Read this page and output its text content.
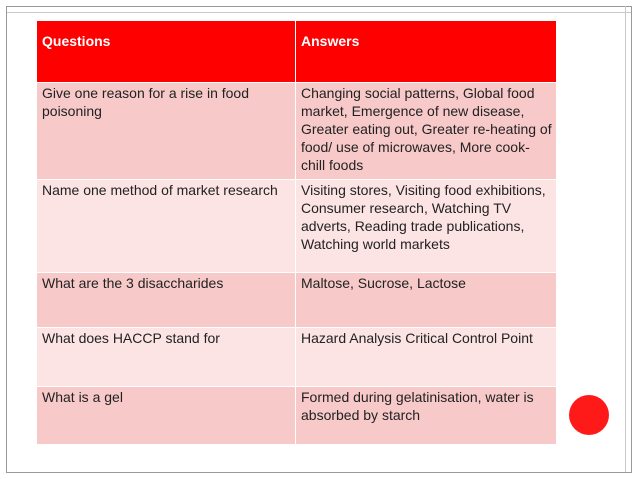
Questions	Answers
Give one reason for a rise in food poisoning	Changing social patterns, Global food market, Emergence of new disease, Greater eating out, Greater re-heating of food/ use of microwaves, More cook-chill foods
Name one method of market research	Visiting stores, Visiting food exhibitions, Consumer research, Watching TV adverts, Reading trade publications, Watching world markets
What are the 3 disaccharides	Maltose, Sucrose, Lactose
What does HACCP stand for	Hazard Analysis Critical Control Point
What is a gel	Formed during gelatinisation, water is absorbed by starch
